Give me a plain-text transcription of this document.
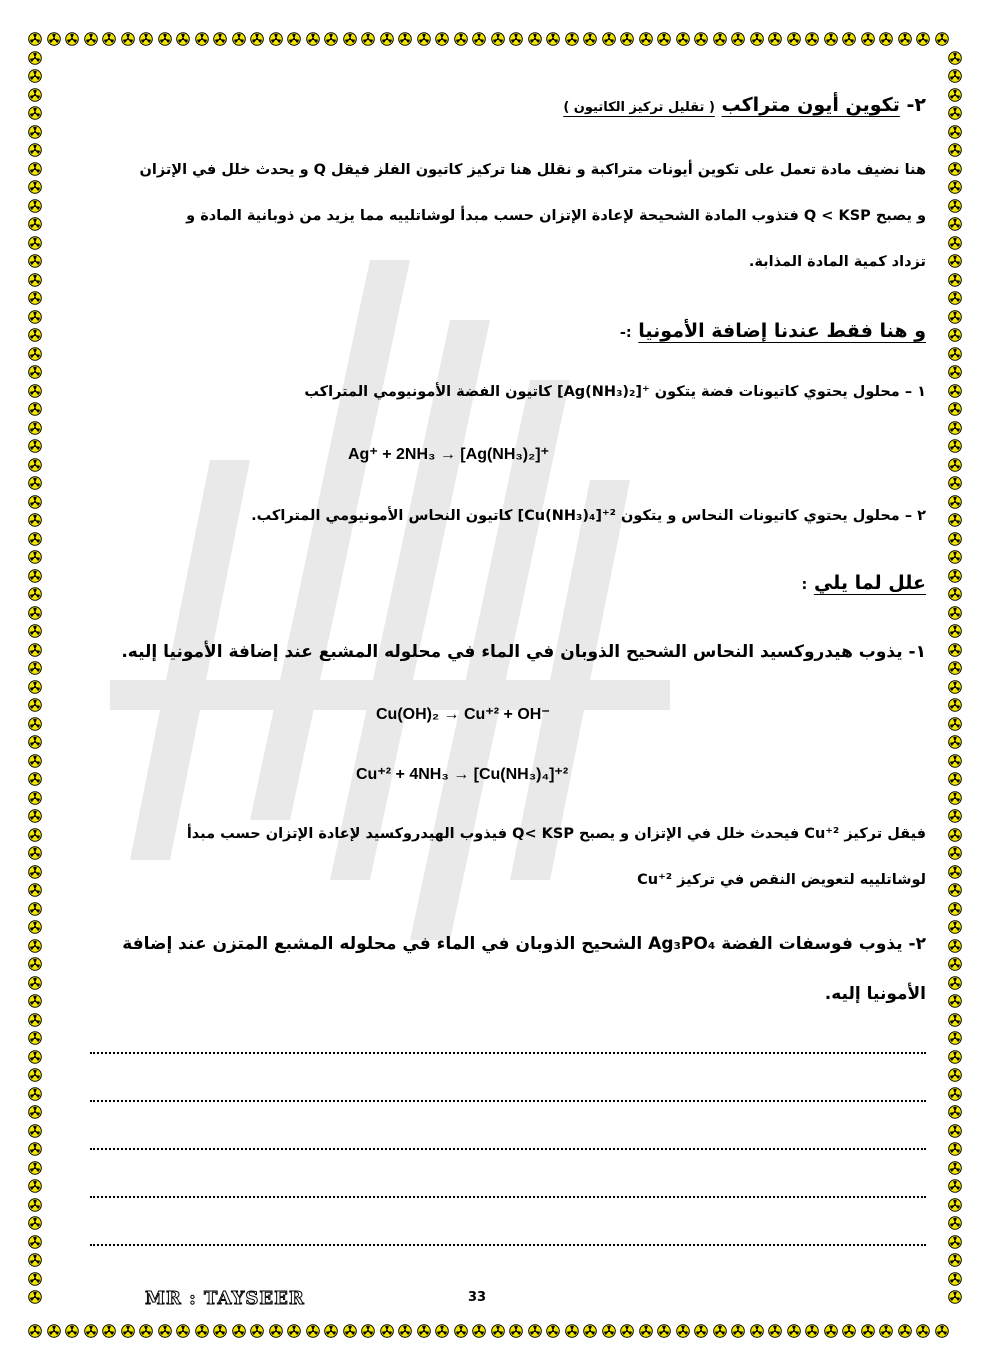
٢- تكوين أيون متراكب ( تقليل تركيز الكاتيون )
هنا نضيف مادة تعمل على تكوين أيونات متراكبة و نقلل هنا تركيز كاتيون الفلز فيقل Q و يحدث خلل في الإتزان
و يصبح Q < KSP فتذوب المادة الشحيحة لإعادة الإتزان حسب مبدأ لوشاتلييه مما يزيد من ذوبانية المادة و
تزداد كمية المادة المذابة.
و هنا فقط عندنا إضافة الأمونيا :-
١ – محلول يحتوي كاتيونات فضة يتكون [Ag(NH₃)₂]⁺ كاتيون الفضة الأمونيومي المتراكب
Ag⁺ + 2NH₃ → [Ag(NH₃)₂]⁺
٢ – محلول يحتوي كاتيونات النحاس و يتكون [Cu(NH₃)₄]⁺² كاتيون النحاس الأمونيومي المتراكب.
علل لما يلي :
١- يذوب هيدروكسيد النحاس الشحيح الذوبان في الماء في محلوله المشبع عند إضافة الأمونيا إليه.
Cu(OH)₂ → Cu⁺² + OH⁻
Cu⁺² + 4NH₃ → [Cu(NH₃)₄]⁺²
فيقل تركيز Cu⁺² فيحدث خلل في الإتزان و يصبح Q< KSP فيذوب الهيدروكسيد لإعادة الإتزان حسب مبدأ
لوشاتلييه لتعويض النقص في تركيز Cu⁺²
٢- يذوب فوسفات الفضة Ag₃PO₄ الشحيح الذوبان في الماء في محلوله المشبع المتزن عند إضافة
الأمونيا إليه.
MR : TAYSEER	33
